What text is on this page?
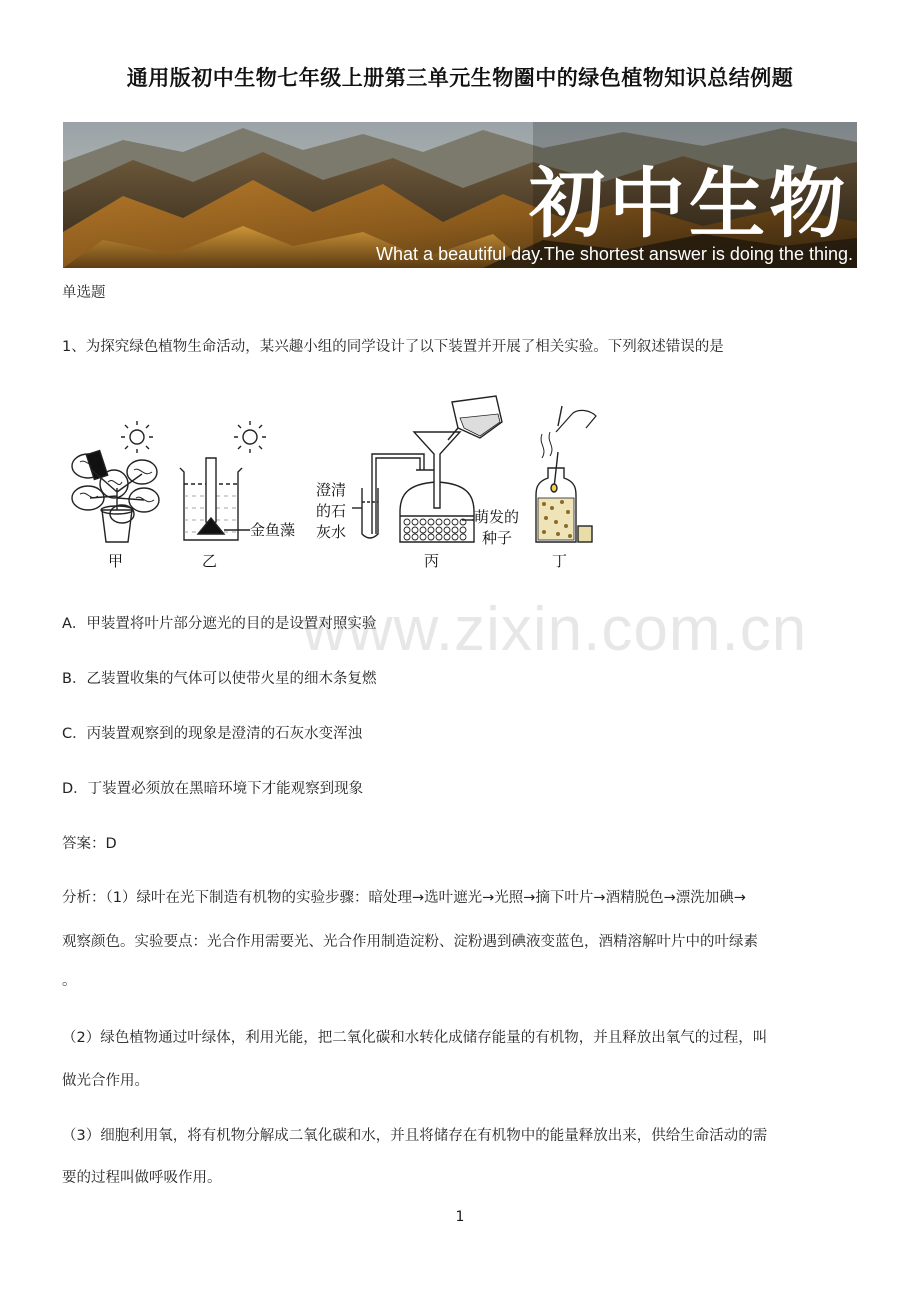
通用版初中生物七年级上册第三单元生物圈中的绿色植物知识总结例题
初中生物
What a beautiful day.The shortest answer is doing the thing.
单选题
1、为探究绿色植物生命活动，某兴趣小组的同学设计了以下装置并开展了相关实验。下列叙述错误的是
甲
金鱼藻
乙
澄清
的石
灰水
萌发的
种子
丙	丁
www.zixin.com.cn
A．甲装置将叶片部分遮光的目的是设置对照实验
B．乙装置收集的气体可以使带火星的细木条复燃
C．丙装置观察到的现象是澄清的石灰水变浑浊
D．丁装置必须放在黑暗环境下才能观察到现象
答案：D
分析：（1）绿叶在光下制造有机物的实验步骤：暗处理→选叶遮光→光照→摘下叶片→酒精脱色→漂洗加碘→
观察颜色。实验要点：光合作用需要光、光合作用制造淀粉、淀粉遇到碘液变蓝色，酒精溶解叶片中的叶绿素
。
（2）绿色植物通过叶绿体，利用光能，把二氧化碳和水转化成储存能量的有机物，并且释放出氧气的过程，叫
做光合作用。
（3）细胞利用氧，将有机物分解成二氧化碳和水，并且将储存在有机物中的能量释放出来，供给生命活动的需
要的过程叫做呼吸作用。
1
